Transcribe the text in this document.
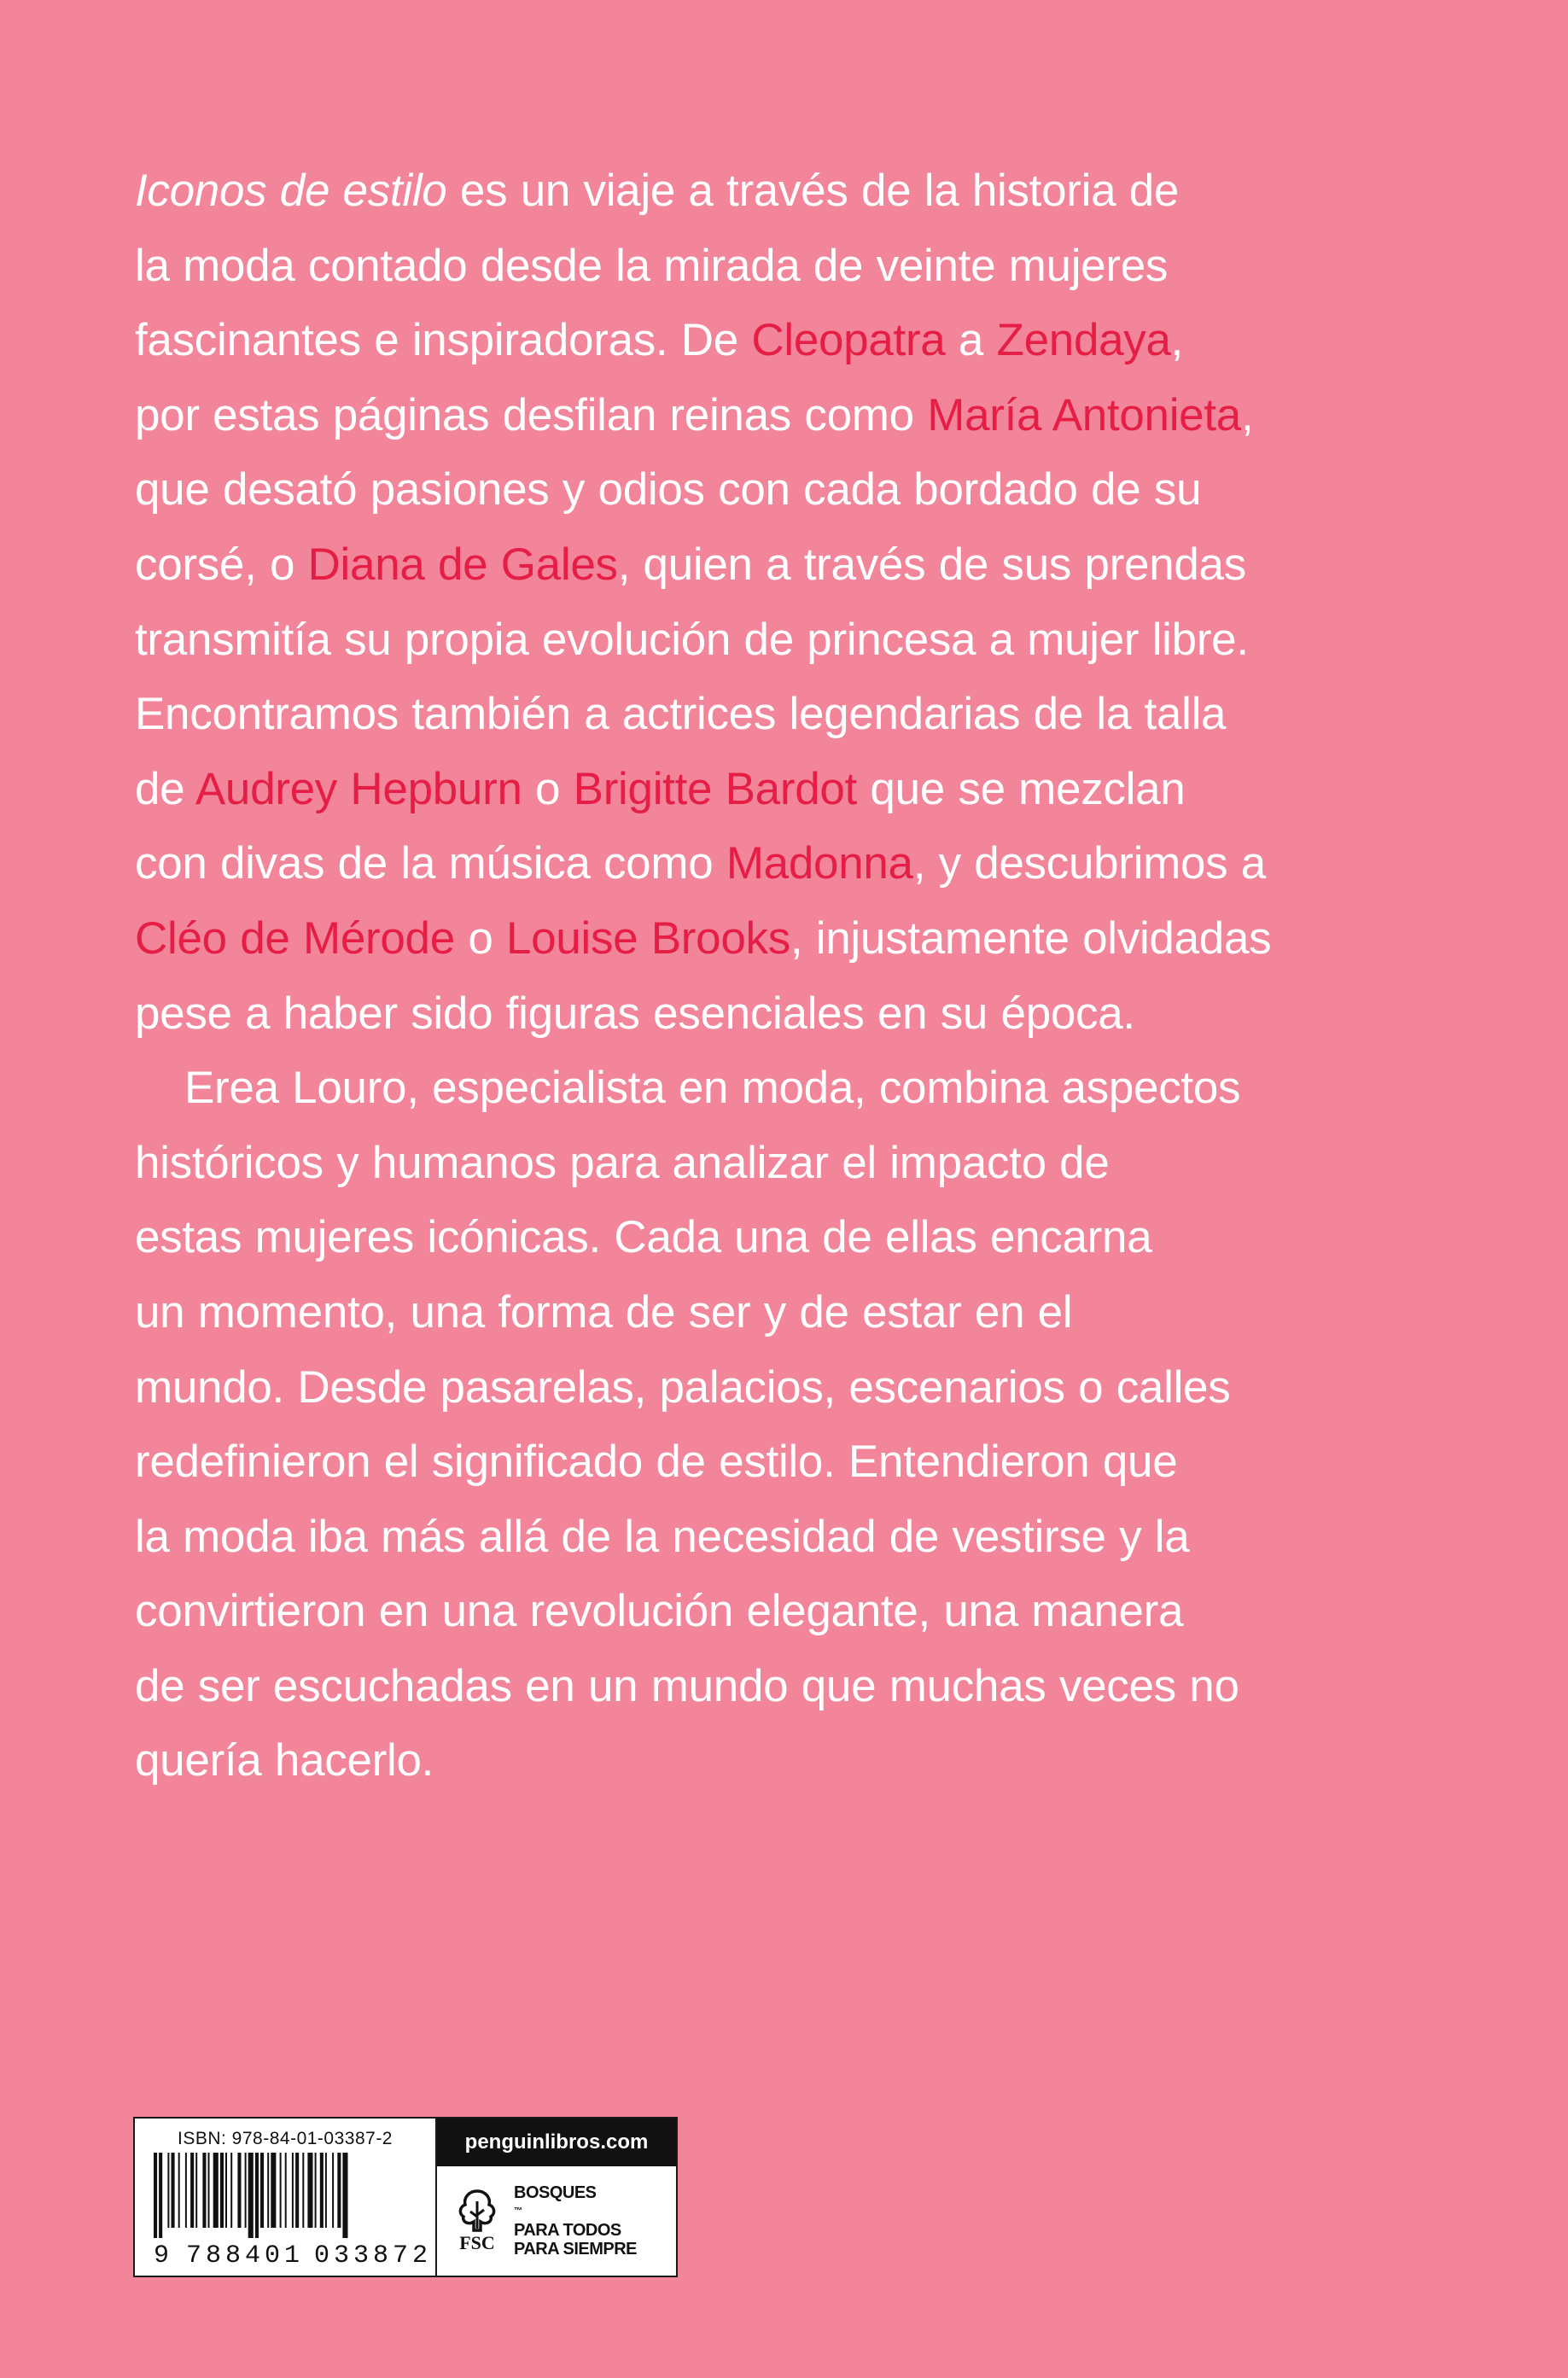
Iconos de estilo es un viaje a través de la historia de
la moda contado desde la mirada de veinte mujeres
fascinantes e inspiradoras. De Cleopatra a Zendaya,
por estas páginas desfilan reinas como María Antonieta,
que desató pasiones y odios con cada bordado de su
corsé, o Diana de Gales, quien a través de sus prendas
transmitía su propia evolución de princesa a mujer libre.
Encontramos también a actrices legendarias de la talla
de Audrey Hepburn o Brigitte Bardot que se mezclan
con divas de la música como Madonna, y descubrimos a
Cléo de Mérode o Louise Brooks, injustamente olvidadas
pese a haber sido figuras esenciales en su época.

Erea Louro, especialista en moda, combina aspectos
históricos y humanos para analizar el impacto de
estas mujeres icónicas. Cada una de ellas encarna
un momento, una forma de ser y de estar en el
mundo. Desde pasarelas, palacios, escenarios o calles
redefinieron el significado de estilo. Entendieron que
la moda iba más allá de la necesidad de vestirse y la
convirtieron en una revolución elegante, una manera
de ser escuchadas en un mundo que muchas veces no
quería hacerlo.

ISBN: 978-84-01-03387-2
9 788401 033872
penguinlibros.com
FSC
BOSQUES
™
PARA TODOS
PARA SIEMPRE
